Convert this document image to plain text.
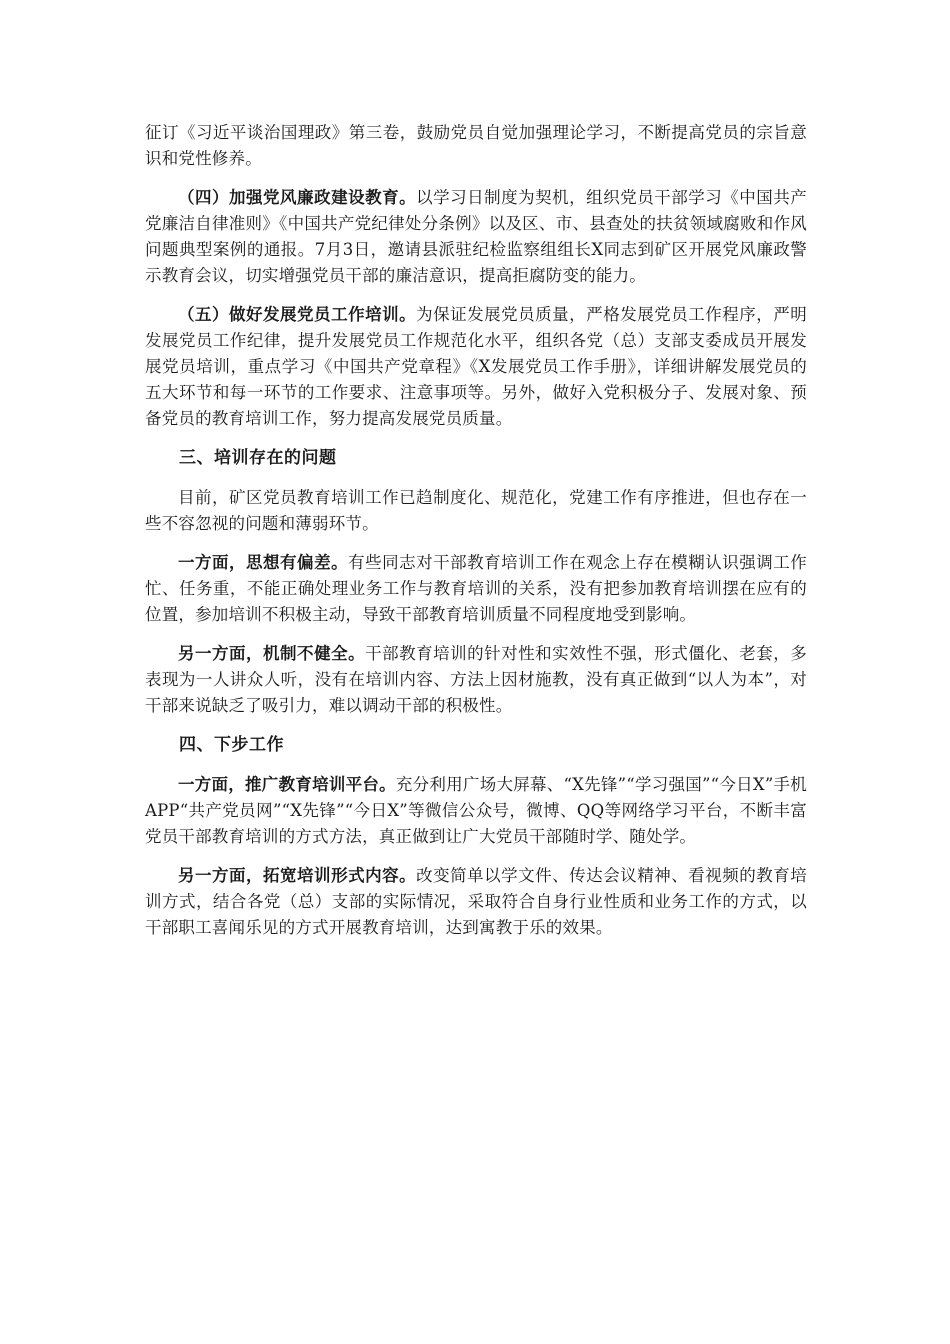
征订《习近平谈治国理政》第三卷，鼓励党员自觉加强理论学习，不断提高党员的宗旨意识和党性修养。

（四）加强党风廉政建设教育。以学习日制度为契机，组织党员干部学习《中国共产党廉洁自律准则》《中国共产党纪律处分条例》以及区、市、县查处的扶贫领域腐败和作风问题典型案例的通报。7月3日，邀请县派驻纪检监察组组长X同志到矿区开展党风廉政警示教育会议，切实增强党员干部的廉洁意识，提高拒腐防变的能力。

（五）做好发展党员工作培训。为保证发展党员质量，严格发展党员工作程序，严明发展党员工作纪律，提升发展党员工作规范化水平，组织各党（总）支部支委成员开展发展党员培训，重点学习《中国共产党章程》《X发展党员工作手册》，详细讲解发展党员的五大环节和每一环节的工作要求、注意事项等。另外，做好入党积极分子、发展对象、预备党员的教育培训工作，努力提高发展党员质量。

三、培训存在的问题

目前，矿区党员教育培训工作已趋制度化、规范化，党建工作有序推进，但也存在一些不容忽视的问题和薄弱环节。

一方面，思想有偏差。有些同志对干部教育培训工作在观念上存在模糊认识强调工作忙、任务重，不能正确处理业务工作与教育培训的关系，没有把参加教育培训摆在应有的位置，参加培训不积极主动，导致干部教育培训质量不同程度地受到影响。

另一方面，机制不健全。干部教育培训的针对性和实效性不强，形式僵化、老套，多表现为一人讲众人听，没有在培训内容、方法上因材施教，没有真正做到“以人为本”，对干部来说缺乏了吸引力，难以调动干部的积极性。

四、下步工作

一方面，推广教育培训平台。充分利用广场大屏幕、“X先锋”“学习强国”“今日X”手机APP“共产党员网”“X先锋”“今日X”等微信公众号，微博、QQ等网络学习平台，不断丰富党员干部教育培训的方式方法，真正做到让广大党员干部随时学、随处学。

另一方面，拓宽培训形式内容。改变简单以学文件、传达会议精神、看视频的教育培训方式，结合各党（总）支部的实际情况，采取符合自身行业性质和业务工作的方式，以干部职工喜闻乐见的方式开展教育培训，达到寓教于乐的效果。
